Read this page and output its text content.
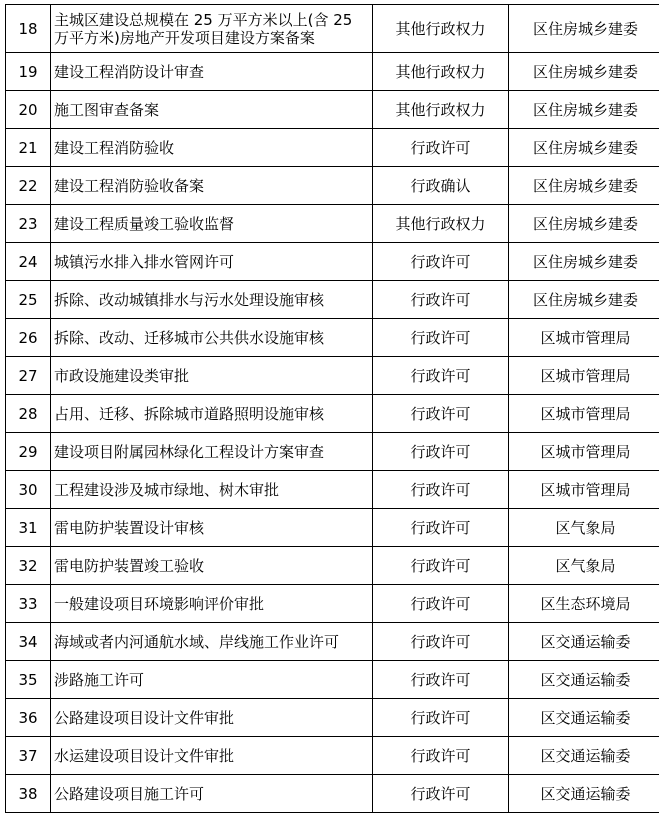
18	主城区建设总规模在 25 万平方米以上(含 25 万平方米)房地产开发项目建设方案备案	其他行政权力	区住房城乡建委
19	建设工程消防设计审查	其他行政权力	区住房城乡建委
20	施工图审查备案	其他行政权力	区住房城乡建委
21	建设工程消防验收	行政许可	区住房城乡建委
22	建设工程消防验收备案	行政确认	区住房城乡建委
23	建设工程质量竣工验收监督	其他行政权力	区住房城乡建委
24	城镇污水排入排水管网许可	行政许可	区住房城乡建委
25	拆除、改动城镇排水与污水处理设施审核	行政许可	区住房城乡建委
26	拆除、改动、迁移城市公共供水设施审核	行政许可	区城市管理局
27	市政设施建设类审批	行政许可	区城市管理局
28	占用、迁移、拆除城市道路照明设施审核	行政许可	区城市管理局
29	建设项目附属园林绿化工程设计方案审查	行政许可	区城市管理局
30	工程建设涉及城市绿地、树木审批	行政许可	区城市管理局
31	雷电防护装置设计审核	行政许可	区气象局
32	雷电防护装置竣工验收	行政许可	区气象局
33	一般建设项目环境影响评价审批	行政许可	区生态环境局
34	海域或者内河通航水域、岸线施工作业许可	行政许可	区交通运输委
35	涉路施工许可	行政许可	区交通运输委
36	公路建设项目设计文件审批	行政许可	区交通运输委
37	水运建设项目设计文件审批	行政许可	区交通运输委
38	公路建设项目施工许可	行政许可	区交通运输委
